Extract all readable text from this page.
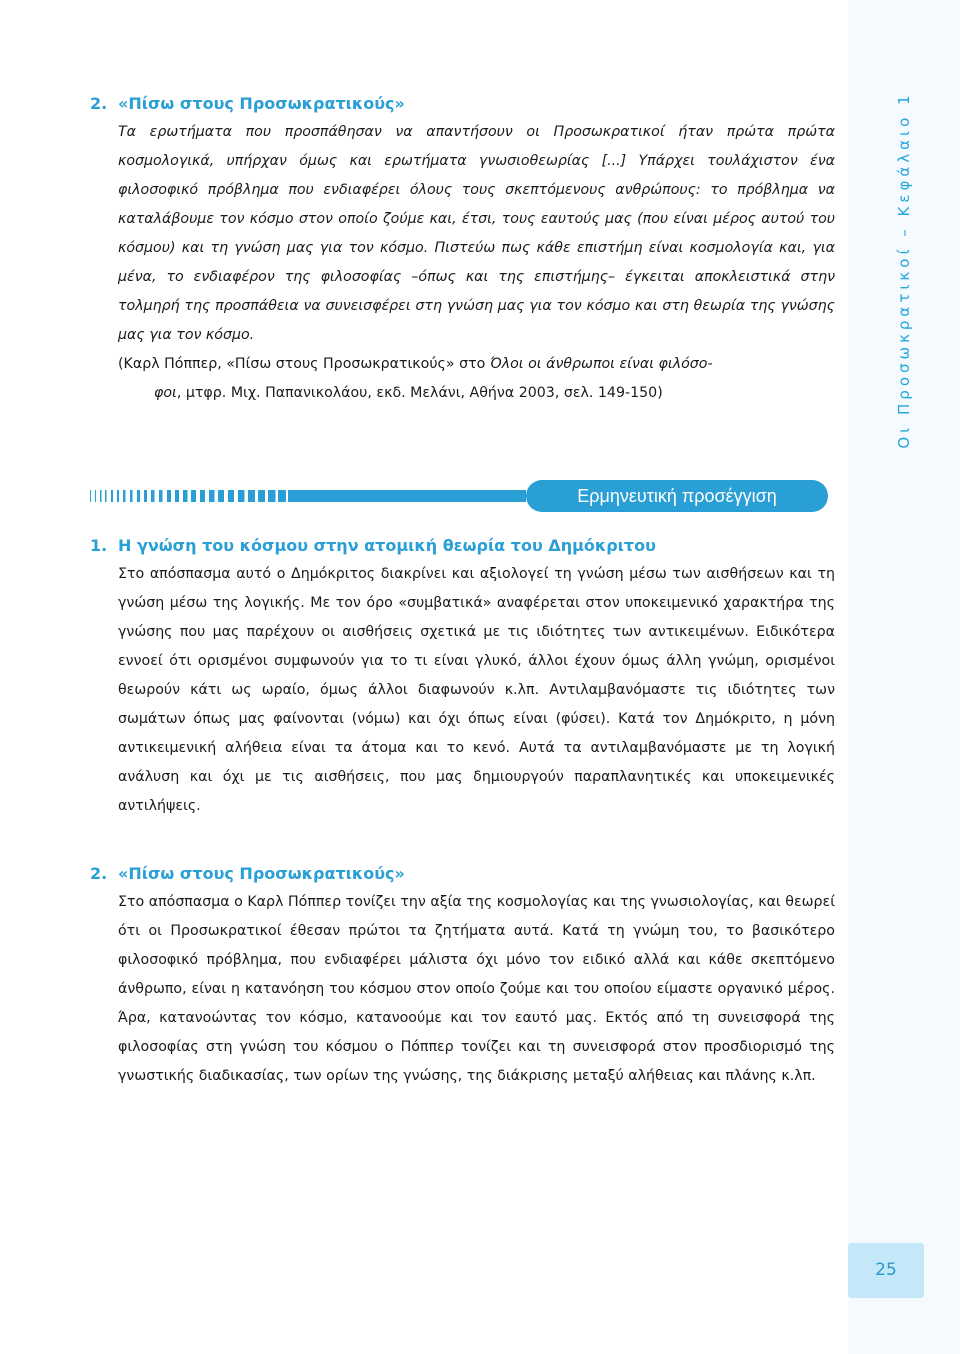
Οι Προσωκρατικοί – Κεφάλαιο 1
2. «Πίσω στους Προσωκρατικούς»
Τα ερωτήματα που προσπάθησαν να απαντήσουν οι Προσωκρατικοί ήταν πρώτα πρώτα κοσμολογικά, υπήρχαν όμως και ερωτήματα γνωσιοθεωρίας [...] Υπάρχει τουλάχιστον ένα φιλοσοφικό πρόβλημα που ενδιαφέρει όλους τους σκεπτόμενους ανθρώπους: το πρόβλημα να καταλάβουμε τον κόσμο στον οποίο ζούμε και, έτσι, τους εαυτούς μας (που είναι μέρος αυτού του κόσμου) και τη γνώση μας για τον κόσμο. Πιστεύω πως κάθε επιστήμη είναι κοσμολογία και, για μένα, το ενδιαφέρον της φιλοσοφίας –όπως και της επιστήμης– έγκειται αποκλειστικά στην τολμηρή της προσπάθεια να συνεισφέρει στη γνώση μας για τον κόσμο και στη θεωρία της γνώσης μας για τον κόσμο.
(Καρλ Πόππερ, «Πίσω στους Προσωκρατικούς» στο Όλοι οι άνθρωποι είναι φιλόσο-
φοι, μτφρ. Μιχ. Παπανικολάου, εκδ. Μελάνι, Αθήνα 2003, σελ. 149-150)
Ερμηνευτική προσέγγιση
1. Η γνώση του κόσμου στην ατομική θεωρία του Δημόκριτου
Στο απόσπασμα αυτό ο Δημόκριτος διακρίνει και αξιολογεί τη γνώση μέσω των αισθήσεων και τη γνώση μέσω της λογικής. Με τον όρο «συμβατικά» αναφέρεται στον υποκειμενικό χαρακτήρα της γνώσης που μας παρέχουν οι αισθήσεις σχετικά με τις ιδιότητες των αντικειμένων. Ειδικότερα εννοεί ότι ορισμένοι συμφωνούν για το τι είναι γλυκό, άλλοι έχουν όμως άλλη γνώμη, ορισμένοι θεωρούν κάτι ως ωραίο, όμως άλλοι διαφωνούν κ.λπ. Αντιλαμβανόμαστε τις ιδιότητες των σωμάτων όπως μας φαίνονται (νόμω) και όχι όπως είναι (φύσει). Κατά τον Δημόκριτο, η μόνη αντικειμενική αλήθεια είναι τα άτομα και το κενό. Αυτά τα αντιλαμβανόμαστε με τη λογική ανάλυση και όχι με τις αισθήσεις, που μας δημιουργούν παραπλανητικές και υποκειμενικές αντιλήψεις.
2. «Πίσω στους Προσωκρατικούς»
Στο απόσπασμα ο Καρλ Πόππερ τονίζει την αξία της κοσμολογίας και της γνωσιολογίας, και θεωρεί ότι οι Προσωκρατικοί έθεσαν πρώτοι τα ζητήματα αυτά. Κατά τη γνώμη του, το βασικότερο φιλοσοφικό πρόβλημα, που ενδιαφέρει μάλιστα όχι μόνο τον ειδικό αλλά και κάθε σκεπτόμενο άνθρωπο, είναι η κατανόηση του κόσμου στον οποίο ζούμε και του οποίου είμαστε οργανικό μέρος. Άρα, κατανοώντας τον κόσμο, κατανοούμε και τον εαυτό μας. Εκτός από τη συνεισφορά της φιλοσοφίας στη γνώση του κόσμου ο Πόππερ τονίζει και τη συνεισφορά στον προσδιορισμό της γνωστικής διαδικασίας, των ορίων της γνώσης, της διάκρισης μεταξύ αλήθειας και πλάνης κ.λπ.
25
